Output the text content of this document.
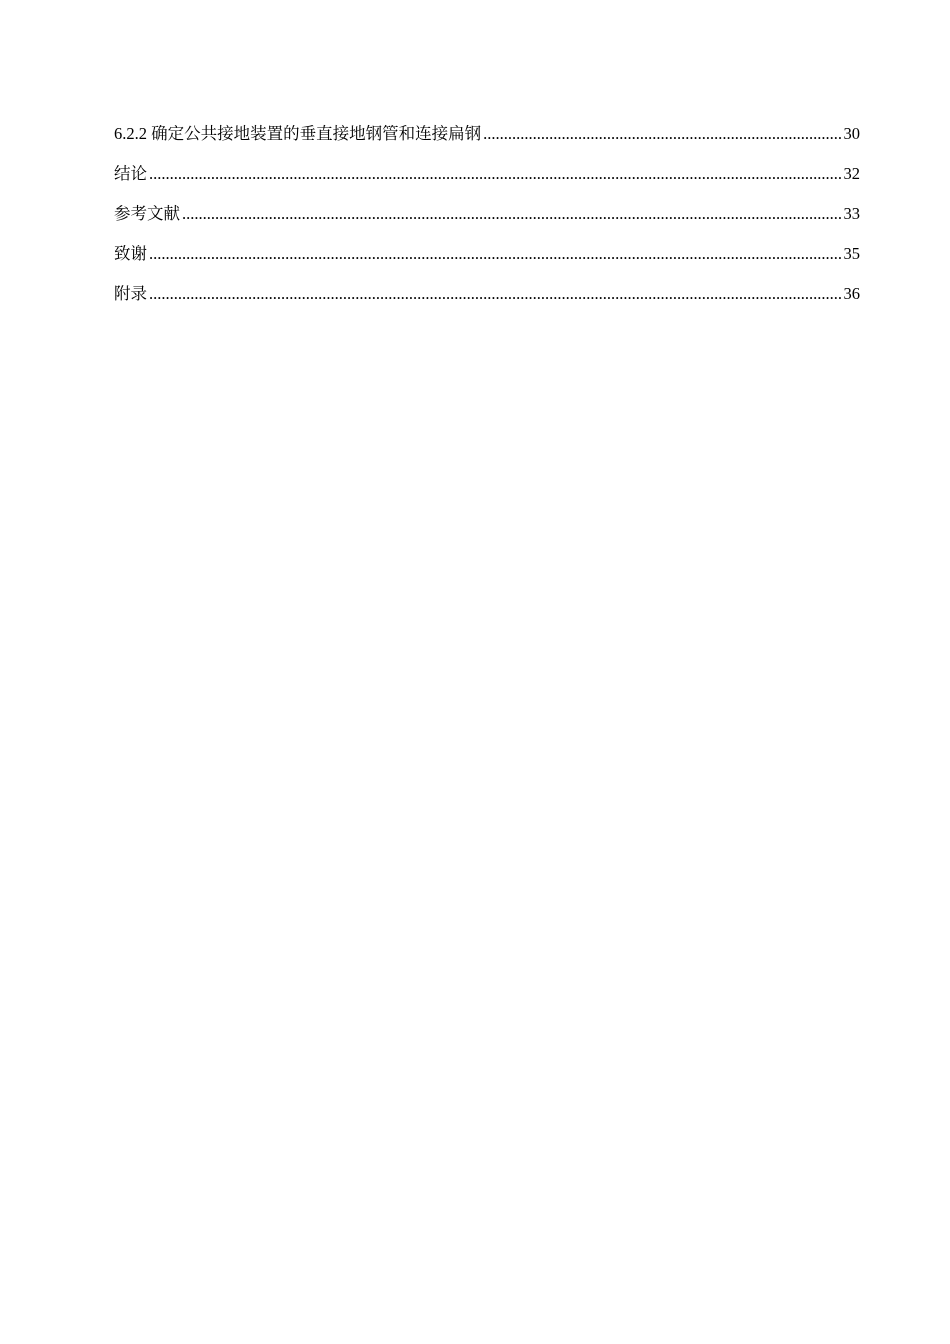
6.2.2 确定公共接地装置的垂直接地钢管和连接扁钢 .....	30
结论 .....	32
参考文献 .....	33
致谢 .....	35
附录 .....	36
